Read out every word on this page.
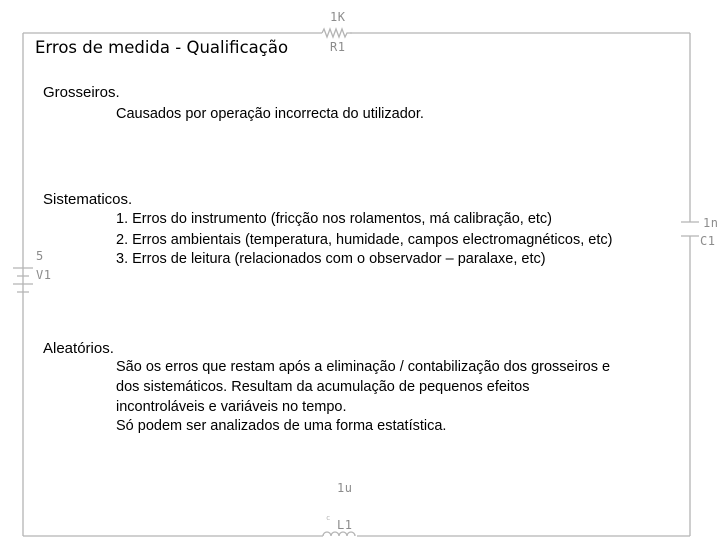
c
1K
R1
1n
C1
5
V1
1u
L1
Erros de medida - Qualificação
Grosseiros.
Causados por operação incorrecta do utilizador.
Sistematicos.
1. Erros do instrumento (fricção nos rolamentos, má calibração, etc)
2. Erros ambientais (temperatura, humidade, campos electromagnéticos, etc)
3. Erros de leitura (relacionados com o observador – paralaxe, etc)
Aleatórios.
São os erros que restam após a eliminação / contabilização dos grosseiros e
dos sistemáticos. Resultam da acumulação de pequenos efeitos
incontroláveis e variáveis no tempo.
Só podem ser analizados de uma forma estatística.
